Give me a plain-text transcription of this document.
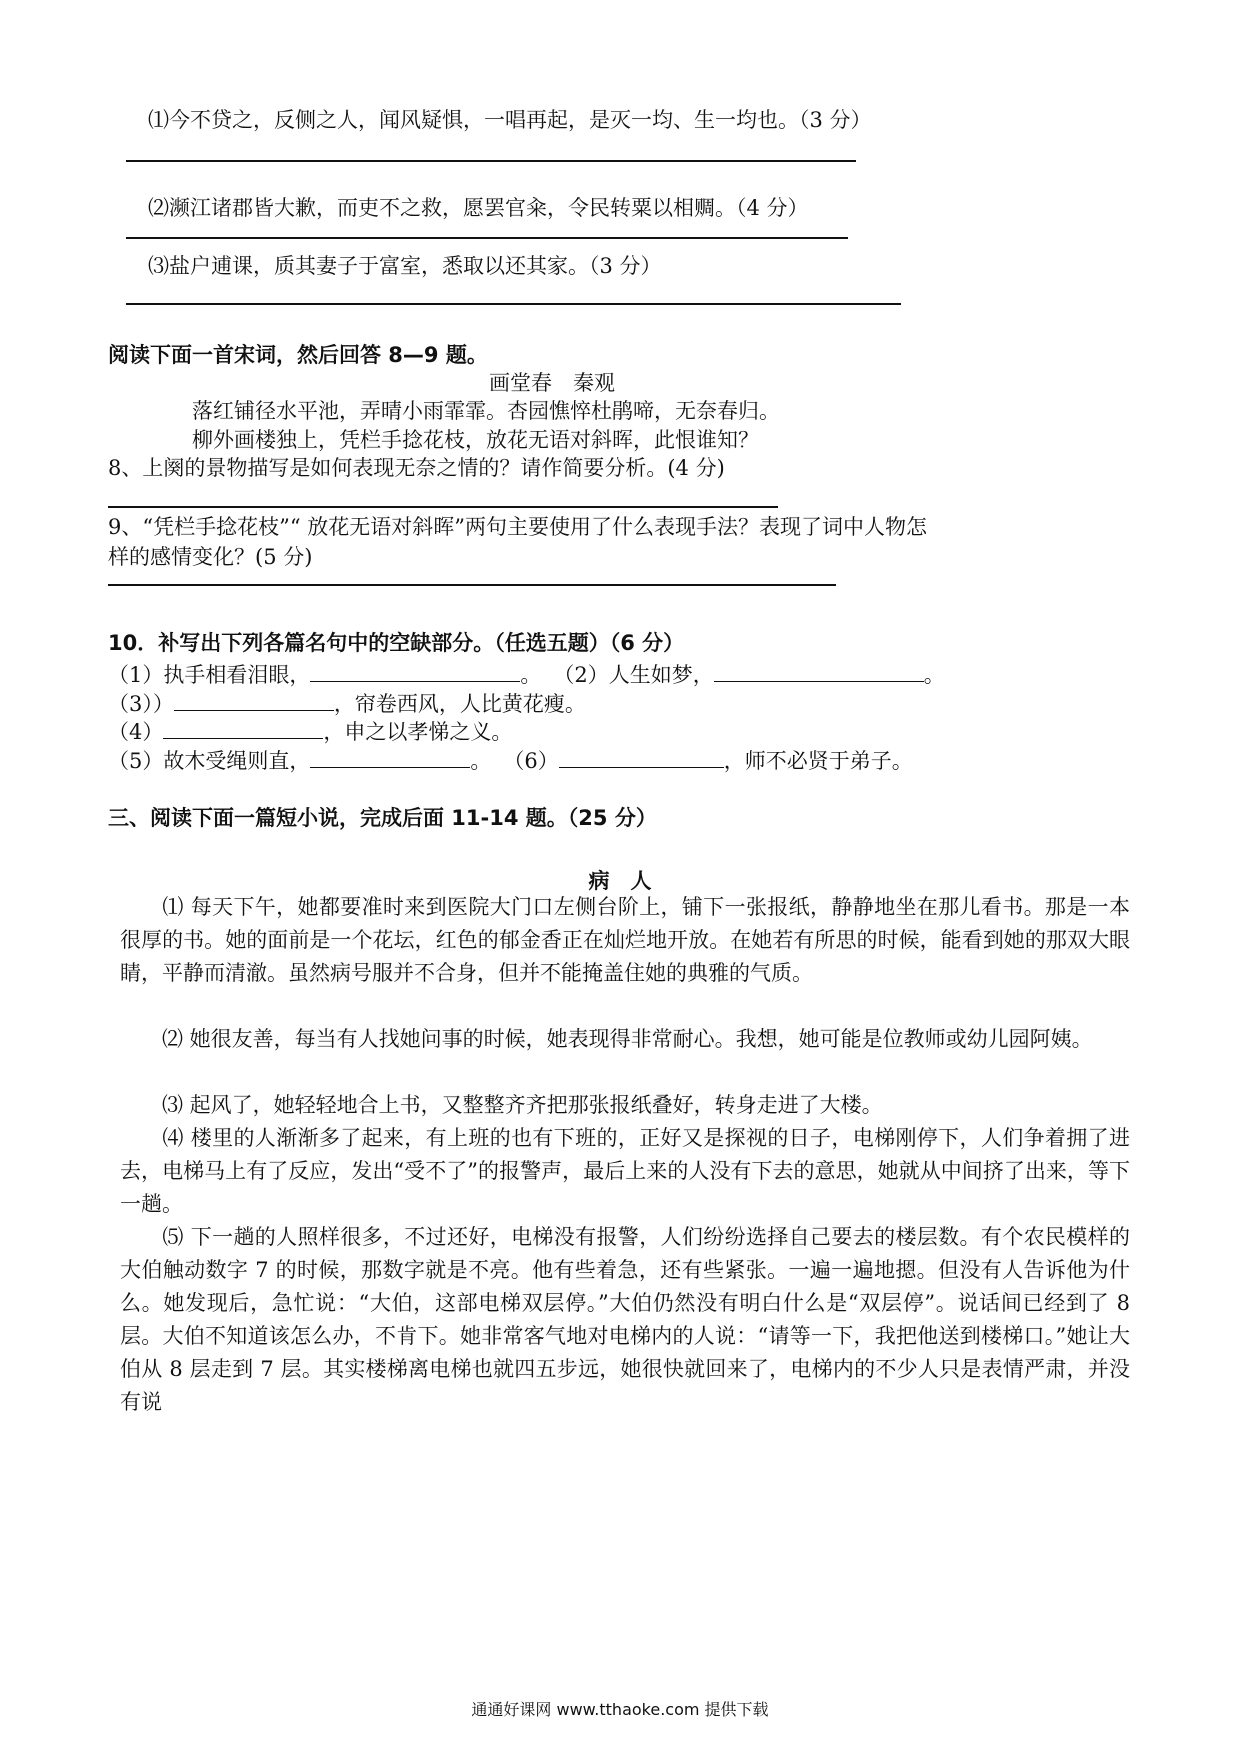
⑴今不贷之，反侧之人，闻风疑惧，一唱再起，是灭一均、生一均也。（3 分）
⑵濒江诸郡皆大歉，而吏不之救，愿罢官籴，令民转粟以相赒。（4 分）
⑶盐户逋课，质其妻子于富室，悉取以还其家。（3 分）
阅读下面一首宋词，然后回答 8—9 题。
画堂春　秦观
落红铺径水平池，弄晴小雨霏霏。杏园憔悴杜鹃啼，无奈春归。
柳外画楼独上，凭栏手捻花枝，放花无语对斜晖，此恨谁知？
8、上阕的景物描写是如何表现无奈之情的？请作简要分析。(4 分)
9、“凭栏手捻花枝”“ 放花无语对斜晖”两句主要使用了什么表现手法？表现了词中人物怎
样的感情变化？(5 分)
10．补写出下列各篇名句中的空缺部分。（任选五题）（6 分）
（1）执手相看泪眼，	。 （2）人生如梦，	。
（3））	，帘卷西风，人比黄花瘦。
（4）	，申之以孝悌之义。
（5）故木受绳则直，	。 （6）	，师不必贤于弟子。
三、阅读下面一篇短小说，完成后面 11-14 题。（25 分）
病　人
⑴ 每天下午，她都要准时来到医院大门口左侧台阶上，铺下一张报纸，静静地坐在那儿看书。那是一本很厚的书。她的面前是一个花坛，红色的郁金香正在灿烂地开放。在她若有所思的时候，能看到她的那双大眼睛，平静而清澈。虽然病号服并不合身，但并不能掩盖住她的典雅的气质。
⑵ 她很友善，每当有人找她问事的时候，她表现得非常耐心。我想，她可能是位教师或幼儿园阿姨。
⑶ 起风了，她轻轻地合上书，又整整齐齐把那张报纸叠好，转身走进了大楼。
⑷ 楼里的人渐渐多了起来，有上班的也有下班的，正好又是探视的日子，电梯刚停下，人们争着拥了进去，电梯马上有了反应，发出“受不了”的报警声，最后上来的人没有下去的意思，她就从中间挤了出来，等下一趟。
⑸ 下一趟的人照样很多，不过还好，电梯没有报警，人们纷纷选择自己要去的楼层数。有个农民模样的大伯触动数字 7 的时候，那数字就是不亮。他有些着急，还有些紧张。一遍一遍地摁。但没有人告诉他为什么。她发现后，急忙说：“大伯，这部电梯双层停。”大伯仍然没有明白什么是“双层停”。说话间已经到了 8 层。大伯不知道该怎么办，不肯下。她非常客气地对电梯内的人说：“请等一下，我把他送到楼梯口。”她让大伯从 8 层走到 7 层。其实楼梯离电梯也就四五步远，她很快就回来了，电梯内的不少人只是表情严肃，并没有说
通通好课网 www.tthaoke.com 提供下载
